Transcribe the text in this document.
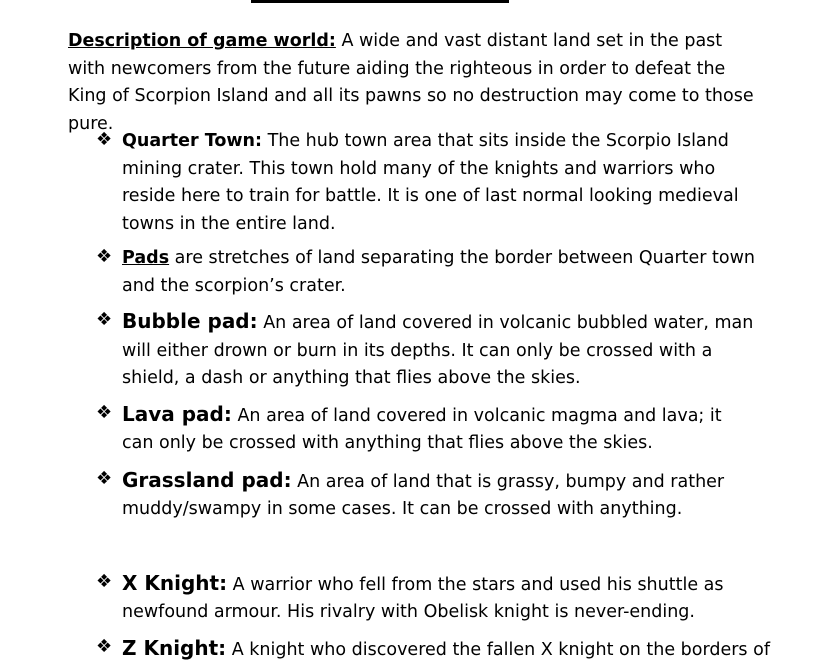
Description of game world: A wide and vast distant land set in the past with newcomers from the future aiding the righteous in order to defeat the King of Scorpion Island and all its pawns so no destruction may come to those pure.

❖ Quarter Town: The hub town area that sits inside the Scorpio Island mining crater. This town hold many of the knights and warriors who reside here to train for battle. It is one of last normal looking medieval towns in the entire land.

❖ Pads are stretches of land separating the border between Quarter town and the scorpion’s crater.

❖ Bubble pad: An area of land covered in volcanic bubbled water, man will either drown or burn in its depths. It can only be crossed with a shield, a dash or anything that flies above the skies.

❖ Lava pad: An area of land covered in volcanic magma and lava; it can only be crossed with anything that flies above the skies.

❖ Grassland pad: An area of land that is grassy, bumpy and rather muddy/swampy in some cases. It can be crossed with anything.

❖ X Knight: A warrior who fell from the stars and used his shuttle as newfound armour. His rivalry with Obelisk knight is never-ending.

❖ Z Knight: A knight who discovered the fallen X knight on the borders of
